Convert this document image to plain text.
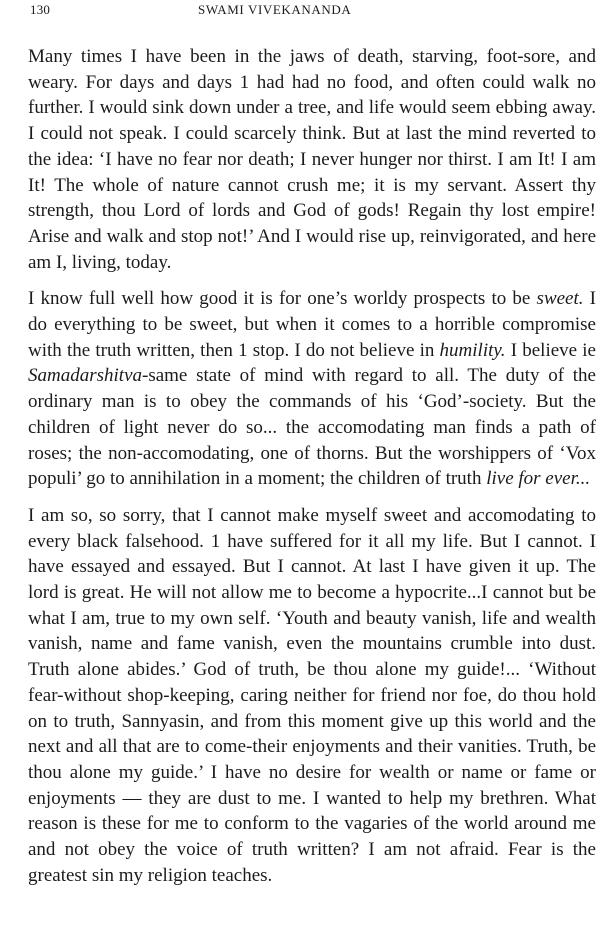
130	SWAMI VIVEKANANDA

Many times I have been in the jaws of death, starving, foot-sore, and weary. For days and days 1 had had no food, and often could walk no further. I would sink down under a tree, and life would seem ebbing away. I could not speak. I could scarcely think. But at last the mind reverted to the idea: ‘I have no fear nor death; I never hunger nor thirst. I am It! I am It! The whole of nature cannot crush me; it is my servant. Assert thy strength, thou Lord of lords and God of gods! Regain thy lost empire! Arise and walk and stop not!’ And I would rise up, reinvigorated, and here am I, living, today.

I know full well how good it is for one’s worldy prospects to be sweet. I do everything to be sweet, but when it comes to a horrible compromise with the truth written, then 1 stop. I do not believe in humility. I believe ie Samadarshitva-same state of mind with regard to all. The duty of the ordinary man is to obey the commands of his ‘God’-society. But the children of light never do so... the accomodating man finds a path of roses; the non-accomodating, one of thorns. But the worshippers of ‘Vox populi’ go to annihilation in a moment; the children of truth live for ever...

I am so, so sorry, that I cannot make myself sweet and accomodating to every black falsehood. 1 have suffered for it all my life. But I cannot. I have essayed and essayed. But I cannot. At last I have given it up. The lord is great. He will not allow me to become a hypocrite...I cannot but be what I am, true to my own self. ‘Youth and beauty vanish, life and wealth vanish, name and fame vanish, even the mountains crumble into dust. Truth alone abides.’ God of truth, be thou alone my guide!... ‘Without fear-without shop-keeping, caring neither for friend nor foe, do thou hold on to truth, Sannyasin, and from this moment give up this world and the next and all that are to come-their enjoyments and their vanities. Truth, be thou alone my guide.’ I have no desire for wealth or name or fame or enjoyments — they are dust to me. I wanted to help my brethren. What reason is these for me to conform to the vagaries of the world around me and not obey the voice of truth written? I am not afraid. Fear is the greatest sin my religion teaches.
